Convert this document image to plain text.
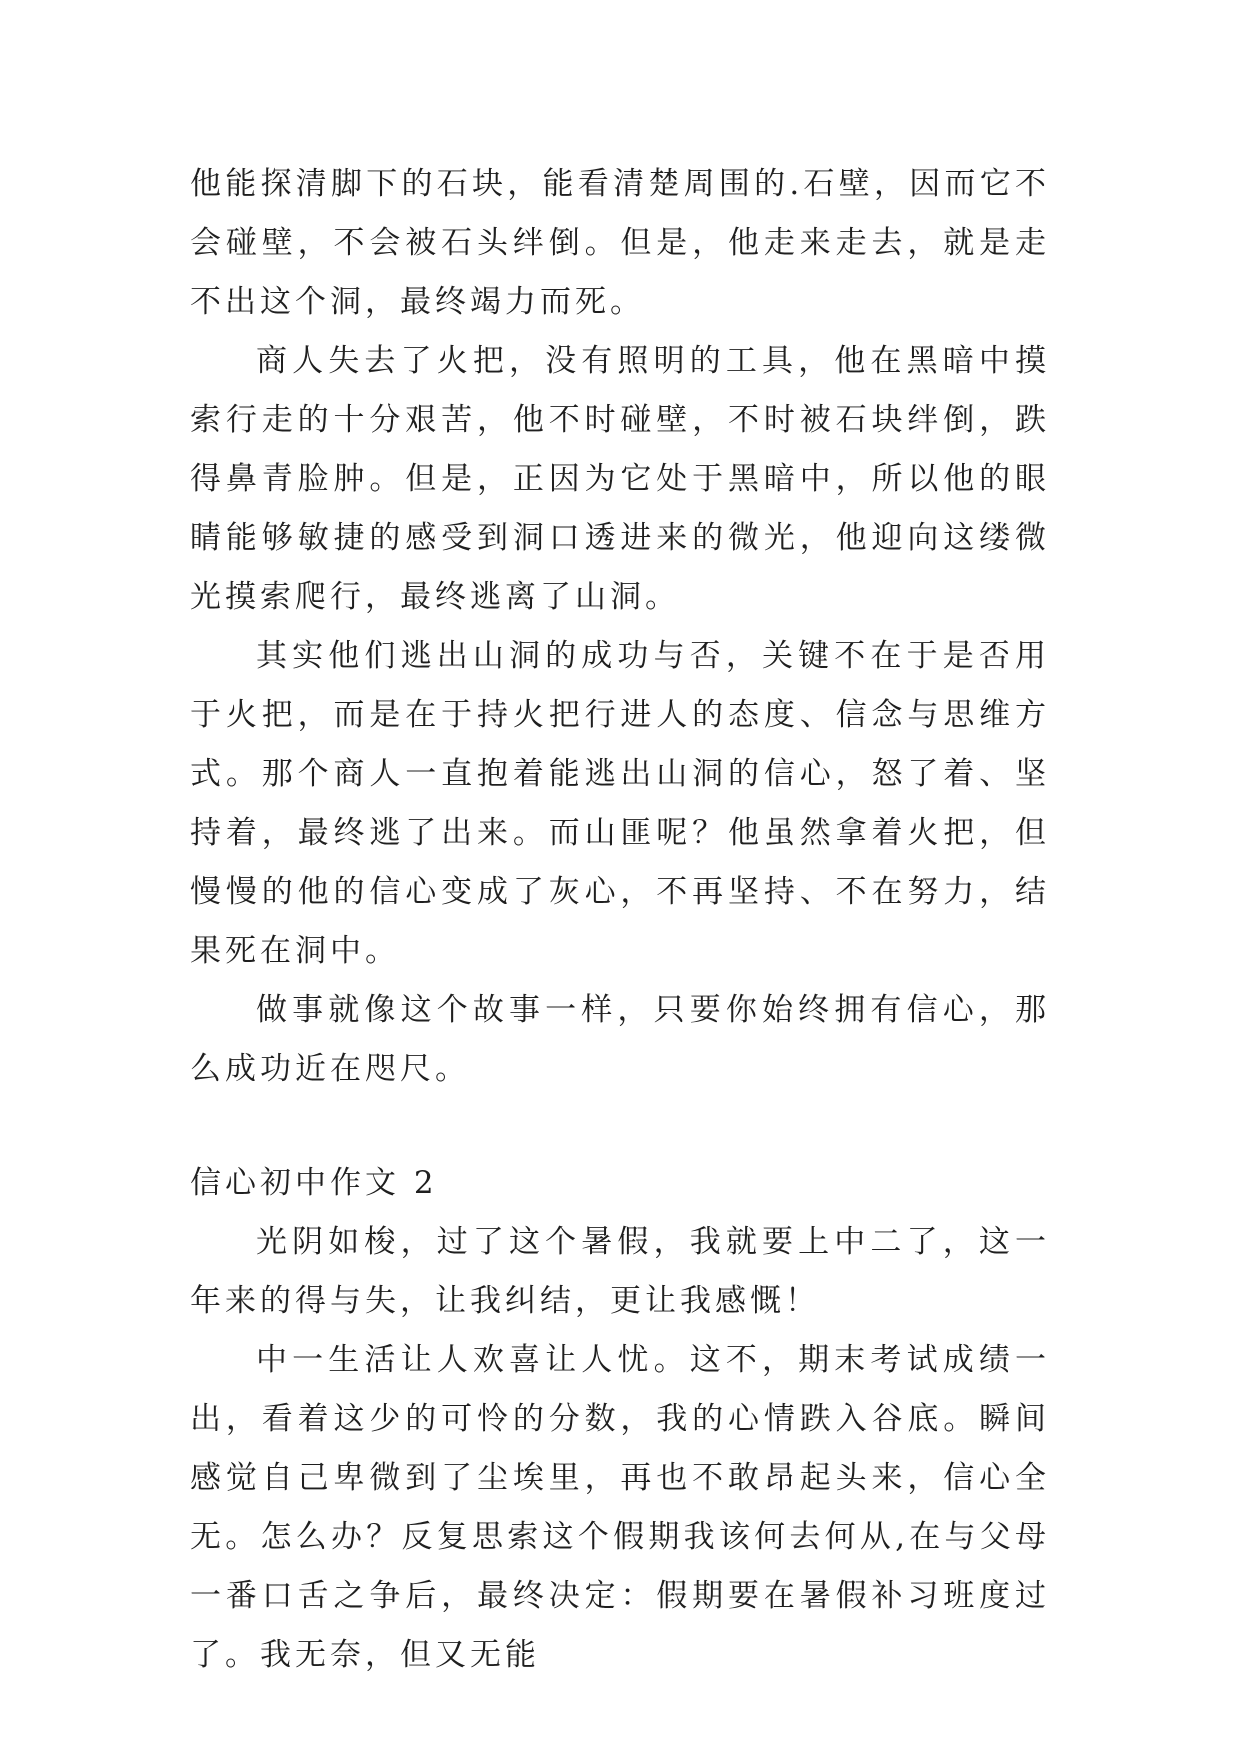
他能探清脚下的石块，能看清楚周围的.石壁，因而它不会碰壁，不会被石头绊倒。但是，他走来走去，就是走不出这个洞，最终竭力而死。

商人失去了火把，没有照明的工具，他在黑暗中摸索行走的十分艰苦，他不时碰壁，不时被石块绊倒，跌得鼻青脸肿。但是，正因为它处于黑暗中，所以他的眼睛能够敏捷的感受到洞口透进来的微光，他迎向这缕微光摸索爬行，最终逃离了山洞。

其实他们逃出山洞的成功与否，关键不在于是否用于火把，而是在于持火把行进人的态度、信念与思维方式。那个商人一直抱着能逃出山洞的信心，怒了着、坚持着，最终逃了出来。而山匪呢？他虽然拿着火把，但慢慢的他的信心变成了灰心，不再坚持、不在努力，结果死在洞中。

做事就像这个故事一样，只要你始终拥有信心，那么成功近在咫尺。

信心初中作文 2

光阴如梭，过了这个暑假，我就要上中二了，这一年来的得与失，让我纠结，更让我感慨！

中一生活让人欢喜让人忧。这不，期末考试成绩一出，看着这少的可怜的分数，我的心情跌入谷底。瞬间感觉自己卑微到了尘埃里，再也不敢昂起头来，信心全无。怎么办？反复思索这个假期我该何去何从,在与父母一番口舌之争后，最终决定：假期要在暑假补习班度过了。我无奈，但又无能
